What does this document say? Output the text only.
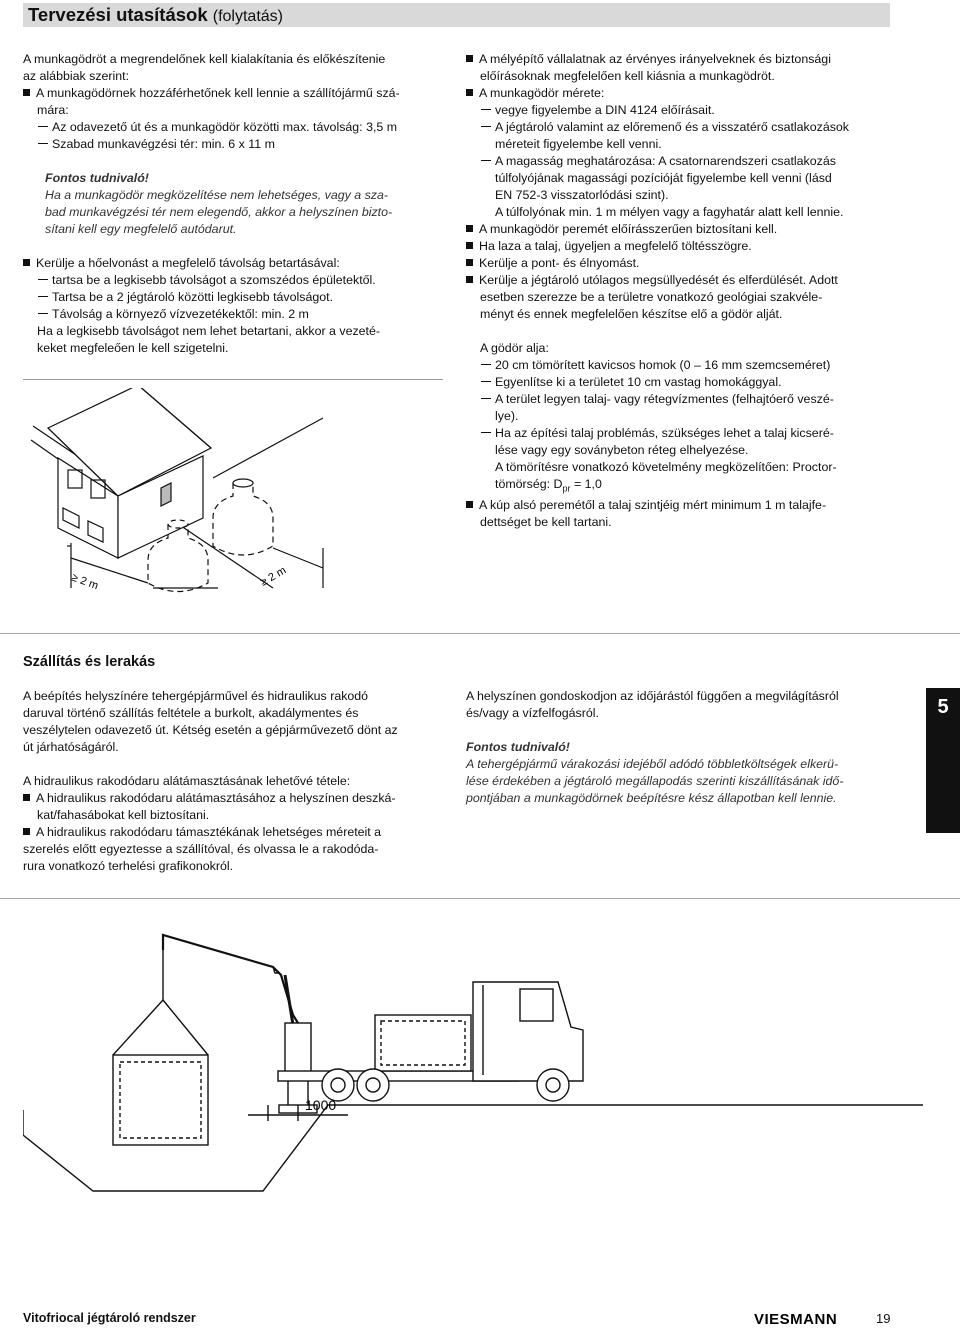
Tervezési utasítások (folytatás)

A munkagödröt a megrendelőnek kell kialakítania és előkészítenie

az alábbiak szerint:

A munkagödörnek hozzáférhetőnek kell lennie a szállítójármű szá-

mára:

Az odavezető út és a munkagödör közötti max. távolság: 3,5 m

Szabad munkavégzési tér: min. 6 x 11 m

Fontos tudnivaló!

Ha a munkagödör megközelítése nem lehetséges, vagy a sza-

bad munkavégzési tér nem elegendő, akkor a helyszínen bizto-

sítani kell egy megfelelő autódarut.

Kerülje a hőelvonást a megfelelő távolság betartásával:

tartsa be a legkisebb távolságot a szomszédos épületektől.

Tartsa be a 2 jégtároló közötti legkisebb távolságot.

Távolság a környező vízvezetékektől: min. 2 m

Ha a legkisebb távolságot nem lehet betartani, akkor a vezeté-

keket megfeleően le kell szigetelni.

≥ 2 m	≥ 2 m

A mélyépítő vállalatnak az érvényes irányelveknek és biztonsági

előírásoknak megfelelően kell kiásnia a munkagödröt.

A munkagödör mérete:

vegye figyelembe a DIN 4124 előírásait.

A jégtároló valamint az előremenő és a visszatérő csatlakozások

méreteit figyelembe kell venni.

A magasság meghatározása: A csatornarendszeri csatlakozás

túlfolyójának magassági pozícióját figyelembe kell venni (lásd

EN 752-3 visszatorlódási szint).

A túlfolyónak min. 1 m mélyen vagy a fagyhatár alatt kell lennie.

A munkagödör peremét előírásszerűen biztosítani kell.

Ha laza a talaj, ügyeljen a megfelelő töltésszögre.

Kerülje a pont- és élnyomást.

Kerülje a jégtároló utólagos megsüllyedését és elferdülését. Adott

esetben szerezze be a területre vonatkozó geológiai szakvéle-

ményt és ennek megfelelően készítse elő a gödör alját.

A gödör alja:

20 cm tömörített kavicsos homok (0 – 16 mm szemcseméret)

Egyenlítse ki a területet 10 cm vastag homokággyal.

A terület legyen talaj- vagy rétegvízmentes (felhajtóerő veszé-

lye).

Ha az építési talaj problémás, szükséges lehet a talaj kicseré-

lése vagy egy soványbeton réteg elhelyezése.

A tömörítésre vonatkozó követelmény megközelítően: Proctor-

tömörség: $D_{pr} = 1,0$

A kúp alsó peremétől a talaj szintjéig mért minimum 1 m talajfe-

dettséget be kell tartani.

Szállítás és lerakás

A beépítés helyszínére tehergépjárművel és hidraulikus rakodó

daruval történő szállítás feltétele a burkolt, akadálymentes és

veszélytelen odavezető út. Kétség esetén a gépjárművezető dönt az

út járhatóságáról.

A hidraulikus rakodódaru alátámasztásának lehetővé tétele:

A hidraulikus rakodódaru alátámasztásához a helyszínen deszká-

kat/fahasábokat kell biztosítani.

A hidraulikus rakodódaru támasztékának lehetséges méreteit a

szerelés előtt egyeztesse a szállítóval, és olvassa le a rakodóda-

rura vonatkozó terhelési grafikonokról.

A helyszínen gondoskodjon az időjárástól függően a megvilágításról

és/vagy a vízfelfogásról.

Fontos tudnivaló!

A tehergépjármű várakozási idejéből adódó többletköltségek elkerü-

lése érdekében a jégtároló megállapodás szerinti kiszállításának idő-

pontjában a munkagödörnek beépítésre kész állapotban kell lennie.

5
1000
Vitofriocal jégtároló rendszer	VIESMANN	19
